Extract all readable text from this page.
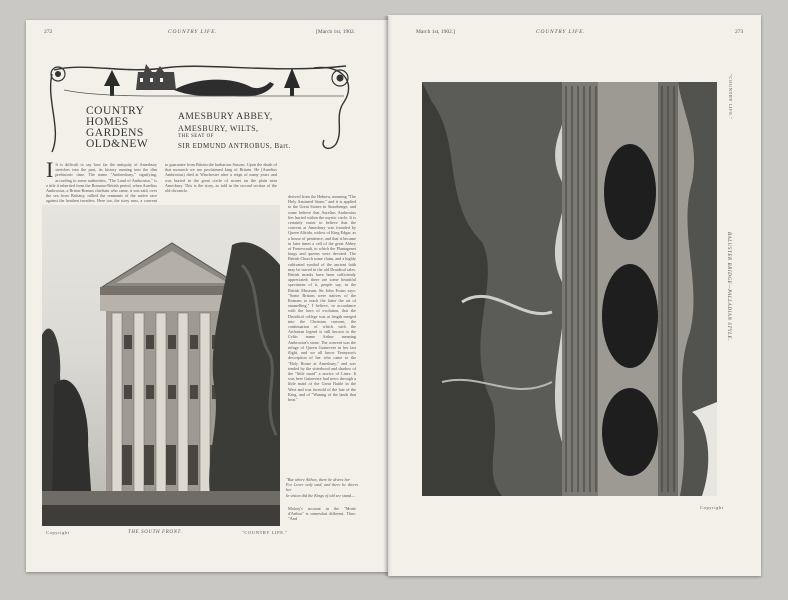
272	COUNTRY LIFE.	[March 1st, 1902.
COUNTRY
HOMES
GARDENS
OLD&NEW
AMESBURY ABBEY,
AMESBURY, WILTS,
THE SEAT OF
SIR EDMUND ANTROBUS, Bart.
I It is difficult to say how far the antiquity of Amesbury stretches into the past, its history running into the dim prehistoric time. The name "Ambresbury," signifying, according to some authorities, "The Land of Ambrosius," is a title it inherited from the Romano-British period, when Aurelius Ambrosius, a Briton-Roman chieftain who came, it was said, over the sea from Brittany, rallied the remnants of the native race against the heathen invaders. Here too, the story runs, a convent
to guarantee from Britain the barbarous Saxons. Upon the death of that monarch we are proclaimed king of Britain. He (Aurelius Ambrosius) died at Winchester after a reign of many years and was buried in the great circle of stones on the plain near Amesbury. This is the story, as told in the second section of the old chronicle.
derived from the Hebrew, meaning "The Holy Anointed Stone," and it is applied to the Great Stones in Stonehenge, and some believe that Aurelius Ambrosius lies buried within the mystic circle. It is certainly easier to believe that the convent at Amesbury was founded by Queen Alfrida, widow of King Edgar, as a house of penitence, and that it became in later times a cell of the great Abbey of Fontevrault, to which the Plantagenet kings and queens were devoted. The British Church some claim, and a highly cultivated symbol of the ancient faith may be traced in the old Druidical tales. British monks have been sufficiently appreciated; there are some beautiful specimens of it, people say, in the British Museum, Sir John Evans says: "Some Britons were natives of the Romans to teach the latter the art of enamelling." I believe, in accordance with the laws of evolution, that the Druidical college was at length merged into the Christian convent, the continuation of which with the Arthurian legend is still known to the Celtic name Arthur meaning Ambrosius's stone. The convent was the refuge of Queen Guinevere in her last flight, and we all know Tennyson's description of her who came to the "Holy House at Amesbury," and was tended by the sisterhood and shadow of the "little maid" a novice of Lines. It was here Guinevere had news through a little maid of the Great Battle in the West and was foretold of the fate of the King, and of "Waning of the lands that bear."
"But where Althea, there he divers her
For Lover only said, and there he divers her
In vision did the Kings of old see stand—
Malory's account in the "Morte d'Arthur" is somewhat different. Thus: "And
Copyright	THE SOUTH FRONT.	"COUNTRY LIFE."
March 1st, 1902.]	COUNTRY LIFE.	273
BALUSTER BRIDGE—PALLADIAN STYLE.
"COUNTRY LIFE."
Copyright
